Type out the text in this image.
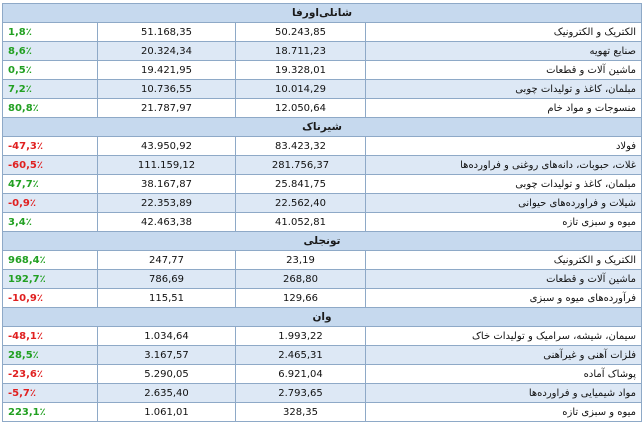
شانلی‌اورفا			
1,8٪	51.168,35	50.243,85	الکتریک و الکترونیک
8,6٪	20.324,34	18.711,23	صنایع تهویه
0,5٪	19.421,95	19.328,01	ماشین آلات و قطعات
7,2٪	10.736,55	10.014,29	مبلمان، کاغذ و تولیدات چوبی
80,8٪	21.787,97	12.050,64	منسوجات و مواد خام
شیرناک			
-47,3٪	43.950,92	83.423,32	فولاد
-60,5٪	111.159,12	281.756,37	غلات، حبوبات، دانه‌های روغنی و فراورده‌ها
47,7٪	38.167,87	25.841,75	مبلمان، کاغذ و تولیدات چوبی
-0,9٪	22.353,89	22.562,40	شیلات و فراورده‌های حیوانی
3,4٪	42.463,38	41.052,81	میوه و سبزی تازه
تونجلی			
968,4٪	247,77	23,19	الکتریک و الکترونیک
192,7٪	786,69	268,80	ماشین آلات و قطعات
-10,9٪	115,51	129,66	فرآورده‌های میوه و سبزی
وان			
-48,1٪	1.034,64	1.993,22	سیمان، شیشه، سرامیک و تولیدات خاک
28,5٪	3.167,57	2.465,31	فلزات آهنی و غیرآهنی
-23,6٪	5.290,05	6.921,04	پوشاک آماده
-5,7٪	2.635,40	2.793,65	مواد شیمیایی و فراورده‌ها
223,1٪	1.061,01	328,35	میوه و سبزی تازه
